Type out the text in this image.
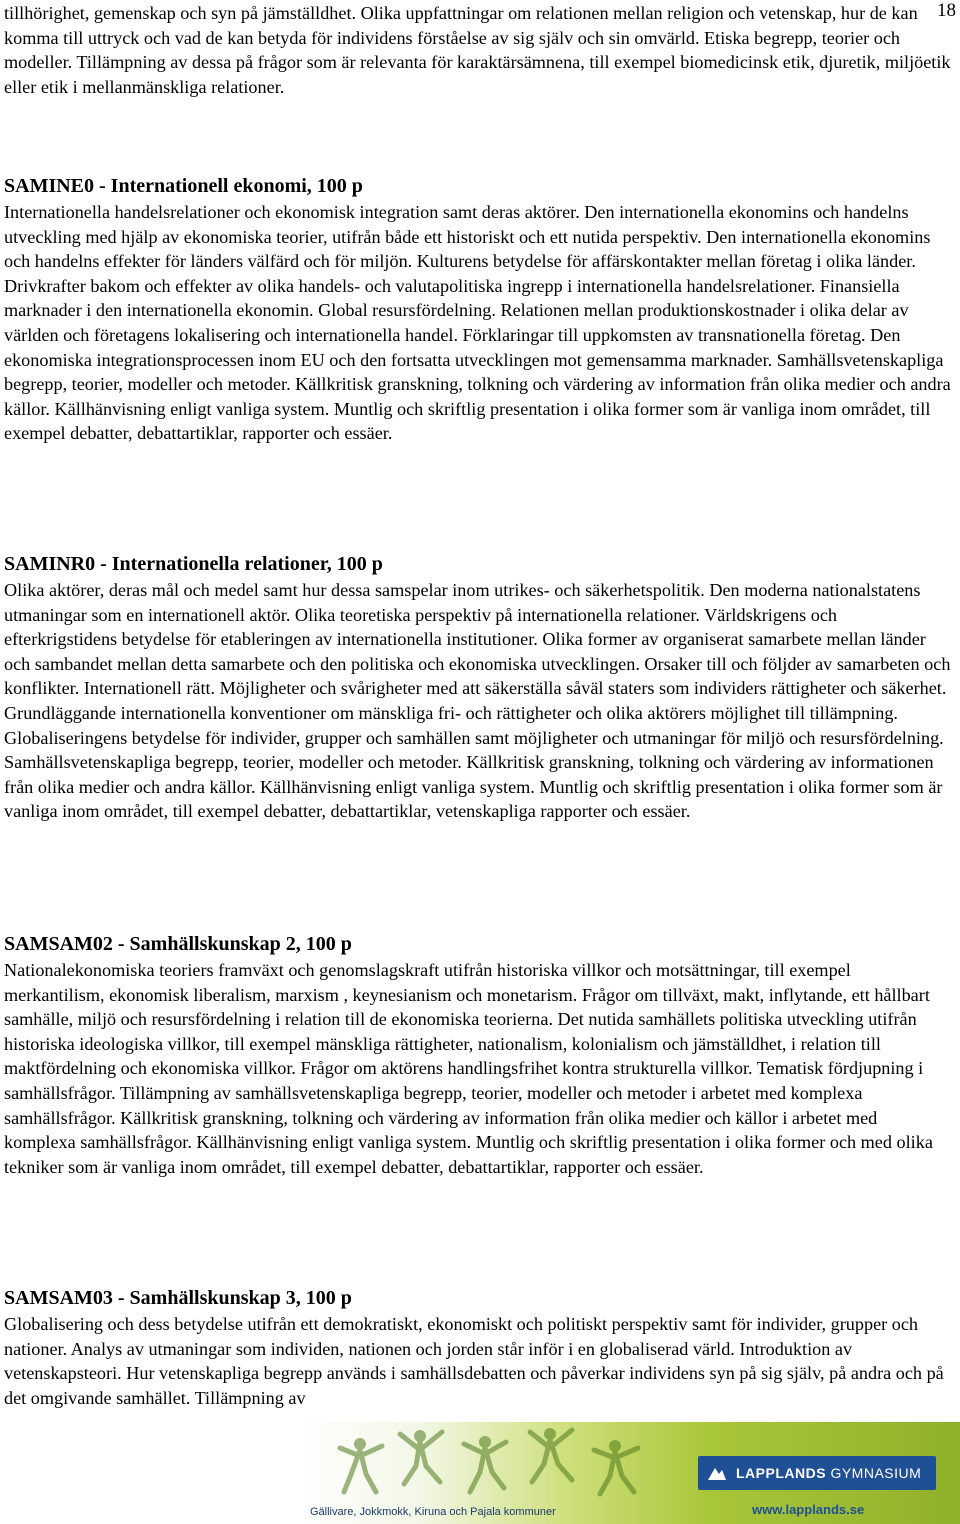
18

tillhörighet, gemenskap och syn på jämställdhet. Olika uppfattningar om relationen mellan religion och vetenskap, hur de kan komma till uttryck och vad de kan betyda för individens förståelse av sig själv och sin omvärld. Etiska begrepp, teorier och modeller. Tillämpning av dessa på frågor som är relevanta för karaktärsämnena, till exempel biomedicinsk etik, djuretik, miljöetik eller etik i mellanmänskliga relationer.

SAMINE0 - Internationell ekonomi, 100 p

Internationella handelsrelationer och ekonomisk integration samt deras aktörer. Den internationella ekonomins och handelns utveckling med hjälp av ekonomiska teorier, utifrån både ett historiskt och ett nutida perspektiv. Den internationella ekonomins och handelns effekter för länders välfärd och för miljön. Kulturens betydelse för affärskontakter mellan företag i olika länder. Drivkrafter bakom och effekter av olika handels- och valutapolitiska ingrepp i internationella handelsrelationer. Finansiella marknader i den internationella ekonomin. Global resursfördelning. Relationen mellan produktionskostnader i olika delar av världen och företagens lokalisering och internationella handel. Förklaringar till uppkomsten av transnationella företag. Den ekonomiska integrationsprocessen inom EU och den fortsatta utvecklingen mot gemensamma marknader. Samhällsvetenskapliga begrepp, teorier, modeller och metoder. Källkritisk granskning, tolkning och värdering av information från olika medier och andra källor. Källhänvisning enligt vanliga system. Muntlig och skriftlig presentation i olika former som är vanliga inom området, till exempel debatter, debattartiklar, rapporter och essäer.

SAMINR0 - Internationella relationer, 100 p

Olika aktörer, deras mål och medel samt hur dessa samspelar inom utrikes- och säkerhetspolitik. Den moderna nationalstatens utmaningar som en internationell aktör. Olika teoretiska perspektiv på internationella relationer. Världskrigens och efterkrigstidens betydelse för etableringen av internationella institutioner. Olika former av organiserat samarbete mellan länder och sambandet mellan detta samarbete och den politiska och ekonomiska utvecklingen. Orsaker till och följder av samarbeten och konflikter. Internationell rätt. Möjligheter och svårigheter med att säkerställa såväl staters som individers rättigheter och säkerhet. Grundläggande internationella konventioner om mänskliga fri- och rättigheter och olika aktörers möjlighet till tillämpning. Globaliseringens betydelse för individer, grupper och samhällen samt möjligheter och utmaningar för miljö och resursfördelning. Samhällsvetenskapliga begrepp, teorier, modeller och metoder. Källkritisk granskning, tolkning och värdering av informationen från olika medier och andra källor. Källhänvisning enligt vanliga system. Muntlig och skriftlig presentation i olika former som är vanliga inom området, till exempel debatter, debattartiklar, vetenskapliga rapporter och essäer.

SAMSAM02 - Samhällskunskap 2, 100 p

Nationalekonomiska teoriers framväxt och genomslagskraft utifrån historiska villkor och motsättningar, till exempel merkantilism, ekonomisk liberalism, marxism , keynesianism och monetarism. Frågor om tillväxt, makt, inflytande, ett hållbart samhälle, miljö och resursfördelning i relation till de ekonomiska teorierna. Det nutida samhällets politiska utveckling utifrån historiska ideologiska villkor, till exempel mänskliga rättigheter, nationalism, kolonialism och jämställdhet, i relation till maktfördelning och ekonomiska villkor. Frågor om aktörens handlingsfrihet kontra strukturella villkor. Tematisk fördjupning i samhällsfrågor. Tillämpning av samhällsvetenskapliga begrepp, teorier, modeller och metoder i arbetet med komplexa samhällsfrågor. Källkritisk granskning, tolkning och värdering av information från olika medier och källor i arbetet med komplexa samhällsfrågor. Källhänvisning enligt vanliga system. Muntlig och skriftlig presentation i olika former och med olika tekniker som är vanliga inom området, till exempel debatter, debattartiklar, rapporter och essäer.

SAMSAM03 - Samhällskunskap 3, 100 p

Globalisering och dess betydelse utifrån ett demokratiskt, ekonomiskt och politiskt perspektiv samt för individer, grupper och nationer. Analys av utmaningar som individen, nationen och jorden står inför i en globaliserad värld. Introduktion av vetenskapsteori. Hur vetenskapliga begrepp används i samhällsdebatten och påverkar individens syn på sig själv, på andra och på det omgivande samhället. Tillämpning av

Gällivare, Jokkmokk, Kiruna och Pajala kommuner
LAPPLANDS GYMNASIUM
www.lapplands.se
